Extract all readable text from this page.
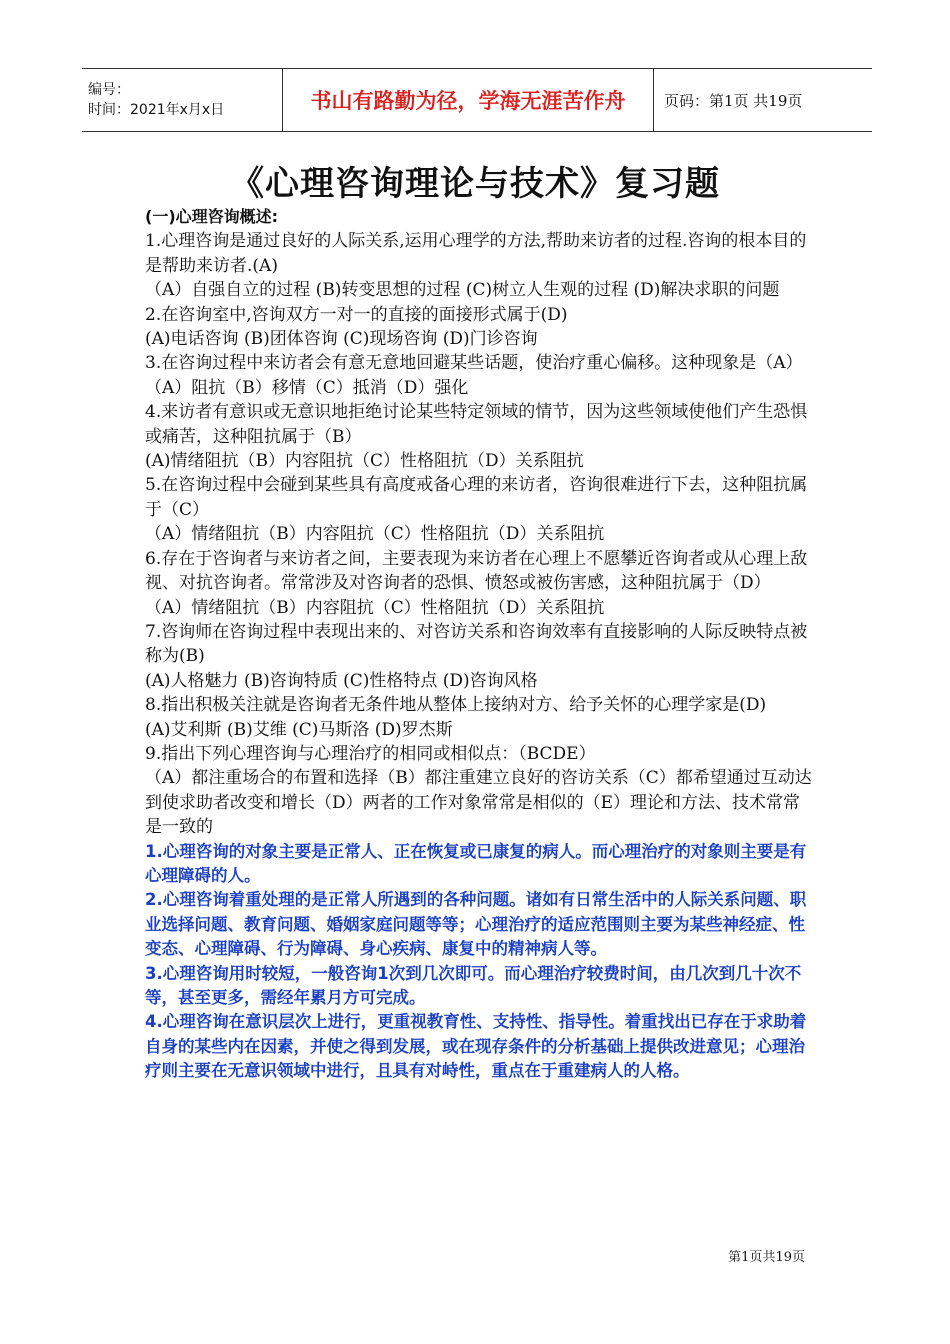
编号：
时间：2021年x月x日	书山有路勤为径，学海无涯苦作舟	页码：第1页 共19页
《心理咨询理论与技术》复习题

(一)心理咨询概述:

1.心理咨询是通过良好的人际关系,运用心理学的方法,帮助来访者的过程.咨询的根本目的是帮助来访者.(A)

（A）自强自立的过程 (B)转变思想的过程 (C)树立人生观的过程 (D)解决求职的问题

2.在咨询室中,咨询双方一对一的直接的面接形式属于(D)

(A)电话咨询 (B)团体咨询 (C)现场咨询 (D)门诊咨询

3.在咨询过程中来访者会有意无意地回避某些话题，使治疗重心偏移。这种现象是（A）

（A）阻抗（B）移情（C）抵消（D）强化

4.来访者有意识或无意识地拒绝讨论某些特定领域的情节，因为这些领域使他们产生恐惧或痛苦，这种阻抗属于（B）

(A)情绪阻抗（B）内容阻抗（C）性格阻抗（D）关系阻抗

5.在咨询过程中会碰到某些具有高度戒备心理的来访者，咨询很难进行下去，这种阻抗属于（C）

（A）情绪阻抗（B）内容阻抗（C）性格阻抗（D）关系阻抗

6.存在于咨询者与来访者之间，主要表现为来访者在心理上不愿攀近咨询者或从心理上敌视、对抗咨询者。常常涉及对咨询者的恐惧、愤怒或被伤害感，这种阻抗属于（D）

（A）情绪阻抗（B）内容阻抗（C）性格阻抗（D）关系阻抗

7.咨询师在咨询过程中表现出来的、对咨访关系和咨询效率有直接影响的人际反映特点被称为(B)

(A)人格魅力 (B)咨询特质 (C)性格特点 (D)咨询风格

8.指出积极关注就是咨询者无条件地从整体上接纳对方、给予关怀的心理学家是(D)

(A)艾利斯 (B)艾维 (C)马斯洛 (D)罗杰斯

9.指出下列心理咨询与心理治疗的相同或相似点：（BCDE）

（A）都注重场合的布置和选择（B）都注重建立良好的咨访关系（C）都希望通过互动达到使求助者改变和增长（D）两者的工作对象常常是相似的（E）理论和方法、技术常常是一致的

1.心理咨询的对象主要是正常人、正在恢复或已康复的病人。而心理治疗的对象则主要是有心理障碍的人。

2.心理咨询着重处理的是正常人所遇到的各种问题。诸如有日常生活中的人际关系问题、职业选择问题、教育问题、婚姻家庭问题等等；心理治疗的适应范围则主要为某些神经症、性变态、心理障碍、行为障碍、身心疾病、康复中的精神病人等。

3.心理咨询用时较短，一般咨询1次到几次即可。而心理治疗较费时间，由几次到几十次不等，甚至更多，需经年累月方可完成。

4.心理咨询在意识层次上进行，更重视教育性、支持性、指导性。着重找出已存在于求助着自身的某些内在因素，并使之得到发展，或在现存条件的分析基础上提供改进意见；心理治疗则主要在无意识领域中进行，且具有对峙性，重点在于重建病人的人格。

第1页共19页
